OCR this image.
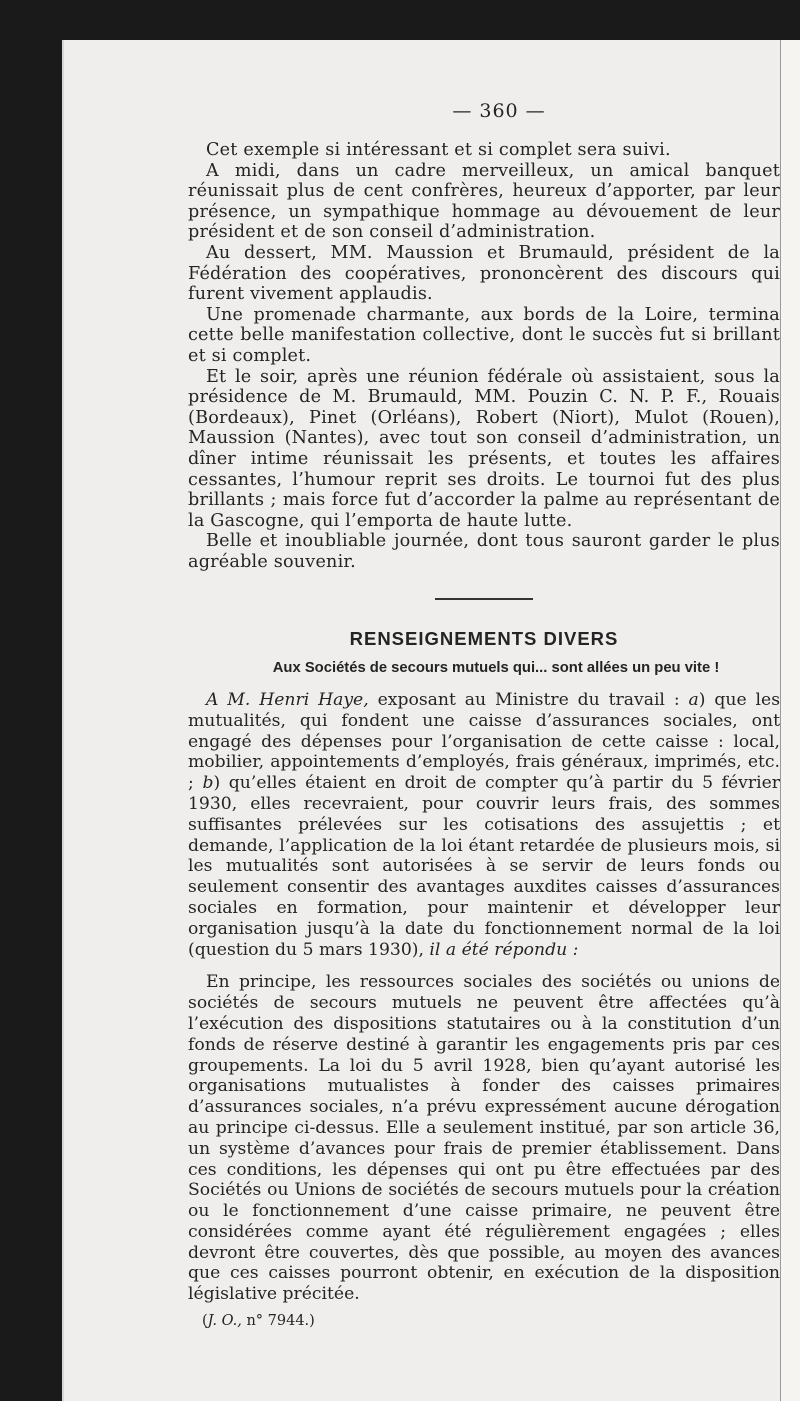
— 360 —

Cet exemple si intéressant et si complet sera suivi.

A midi, dans un cadre merveilleux, un amical banquet réunissait plus de cent confrères, heureux d’apporter, par leur présence, un sympathique hommage au dévouement de leur président et de son conseil d’administration.

Au dessert, MM. Maussion et Brumauld, président de la Fédération des coopératives, prononcèrent des discours qui furent vivement applaudis.

Une promenade charmante, aux bords de la Loire, termina cette belle manifestation collective, dont le succès fut si brillant et si complet.

Et le soir, après une réunion fédérale où assistaient, sous la présidence de M. Brumauld, MM. Pouzin C. N. P. F., Rouais (Bordeaux), Pinet (Orléans), Robert (Niort), Mulot (Rouen), Maussion (Nantes), avec tout son conseil d’administration, un dîner intime réunissait les présents, et toutes les affaires cessantes, l’humour reprit ses droits. Le tournoi fut des plus brillants ; mais force fut d’accorder la palme au représentant de la Gascogne, qui l’emporta de haute lutte.

Belle et inoubliable journée, dont tous sauront garder le plus agréable souvenir.

RENSEIGNEMENTS DIVERS
Aux Sociétés de secours mutuels qui... sont allées un peu vite !

A M. Henri Haye, exposant au Ministre du travail : a) que les mutualités, qui fondent une caisse d’assurances sociales, ont engagé des dépenses pour l’organisation de cette caisse : local, mobilier, appointements d’employés, frais généraux, imprimés, etc. ; b) qu’elles étaient en droit de compter qu’à partir du 5 février 1930, elles recevraient, pour couvrir leurs frais, des sommes suffisantes prélevées sur les cotisations des assujettis ; et demande, l’application de la loi étant retardée de plusieurs mois, si les mutualités sont autorisées à se servir de leurs fonds ou seulement consentir des avantages auxdites caisses d’assurances sociales en formation, pour maintenir et développer leur organisation jusqu’à la date du fonctionnement normal de la loi (question du 5 mars 1930), il a été répondu :

En principe, les ressources sociales des sociétés ou unions de sociétés de secours mutuels ne peuvent être affectées qu’à l’exécution des dispositions statutaires ou à la constitution d’un fonds de réserve destiné à garantir les engagements pris par ces groupements. La loi du 5 avril 1928, bien qu’ayant autorisé les organisations mutualistes à fonder des caisses primaires d’assurances sociales, n’a prévu expressément aucune dérogation au principe ci-dessus. Elle a seulement institué, par son article 36, un système d’avances pour frais de premier établissement. Dans ces conditions, les dépenses qui ont pu être effectuées par des Sociétés ou Unions de sociétés de secours mutuels pour la création ou le fonctionnement d’une caisse primaire, ne peuvent être considérées comme ayant été régulièrement engagées ; elles devront être couvertes, dès que possible, au moyen des avances que ces caisses pourront obtenir, en exécution de la disposition législative précitée.

(J. O., n° 7944.)
